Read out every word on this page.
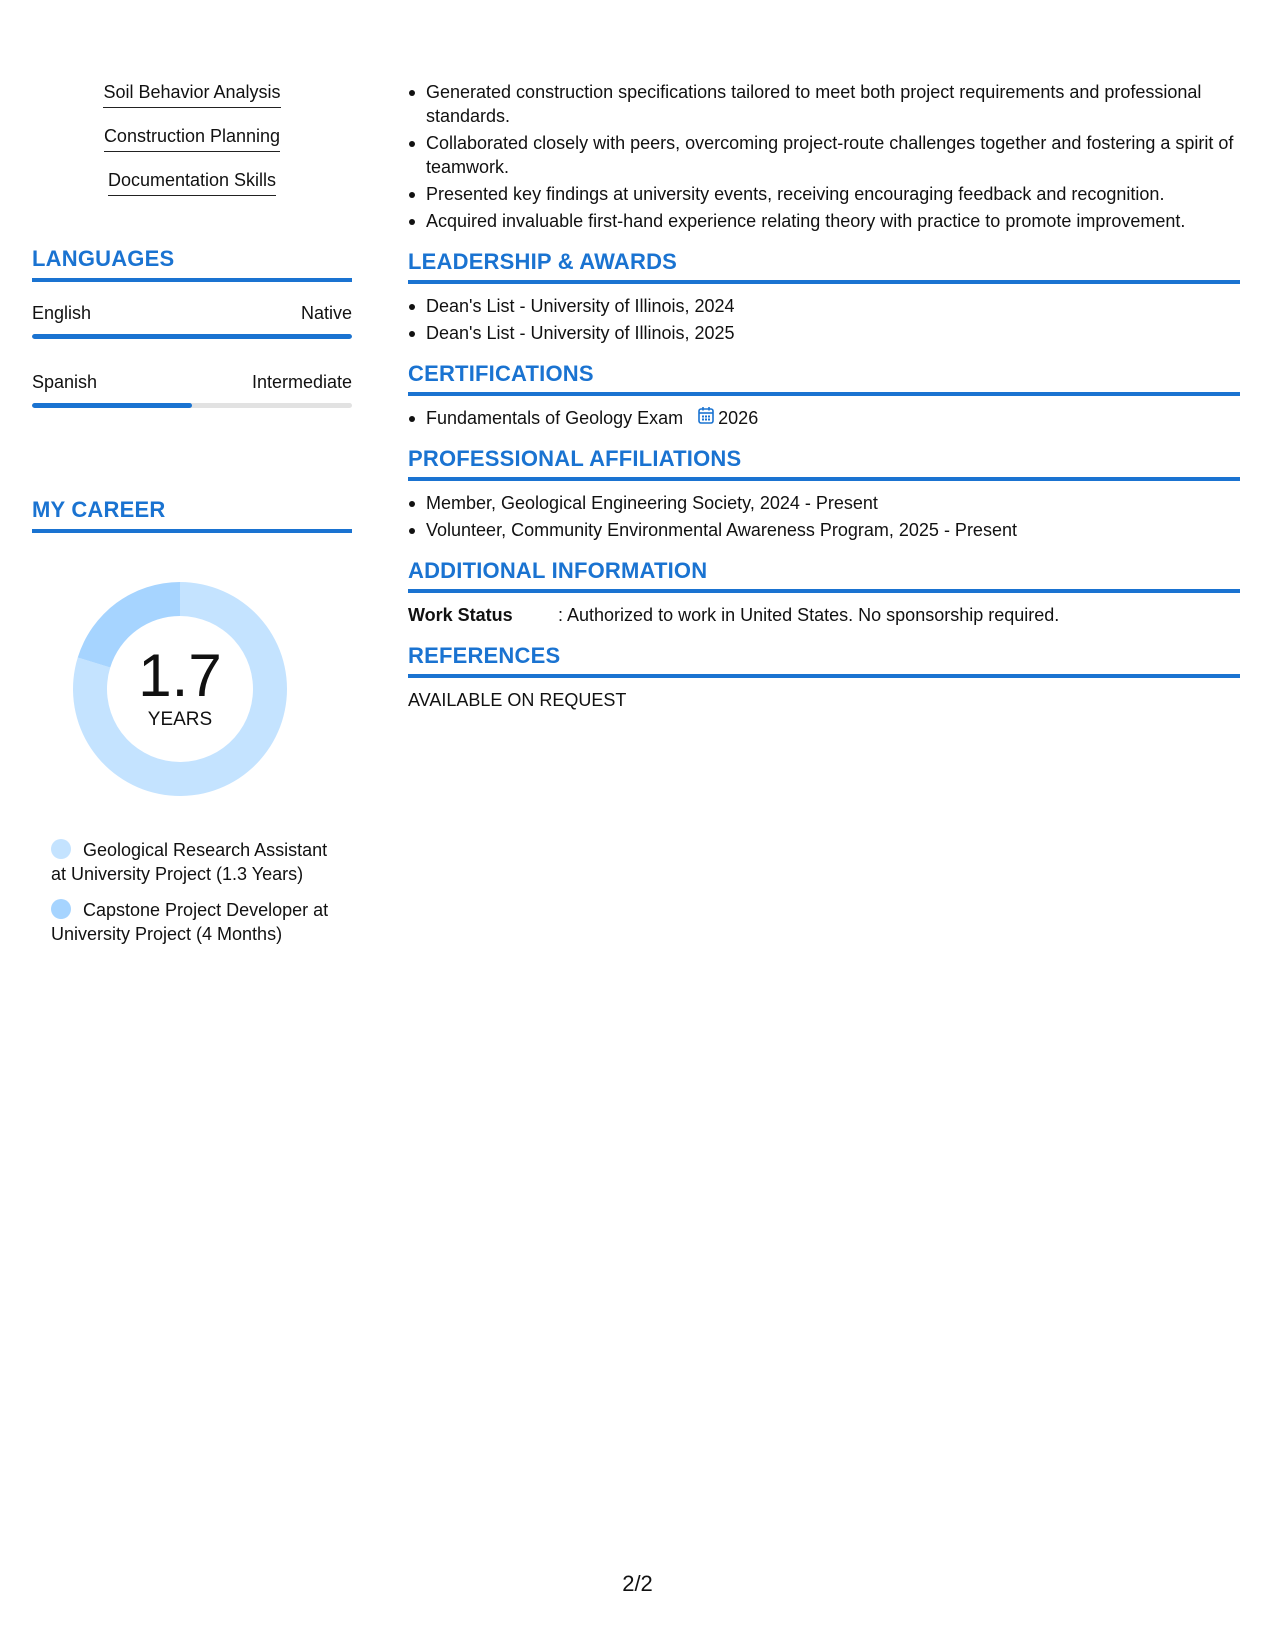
Soil Behavior Analysis
Construction Planning
Documentation Skills
LANGUAGES
English	Native
Spanish	Intermediate
MY CAREER
1.7
YEARS
Geological Research Assistant at University Project (1.3 Years)
Capstone Project Developer at University Project (4 Months)
Generated construction specifications tailored to meet both project requirements and professional standards.
Collaborated closely with peers, overcoming project-route challenges together and fostering a spirit of teamwork.
Presented key findings at university events, receiving encouraging feedback and recognition.
Acquired invaluable first-hand experience relating theory with practice to promote improvement.
LEADERSHIP & AWARDS
Dean's List - University of Illinois, 2024
Dean's List - University of Illinois, 2025
CERTIFICATIONS
Fundamentals of Geology Exam 2026
PROFESSIONAL AFFILIATIONS
Member, Geological Engineering Society, 2024 - Present
Volunteer, Community Environmental Awareness Program, 2025 - Present
ADDITIONAL INFORMATION
Work Status	: Authorized to work in United States. No sponsorship required.
REFERENCES
AVAILABLE ON REQUEST
2/2
